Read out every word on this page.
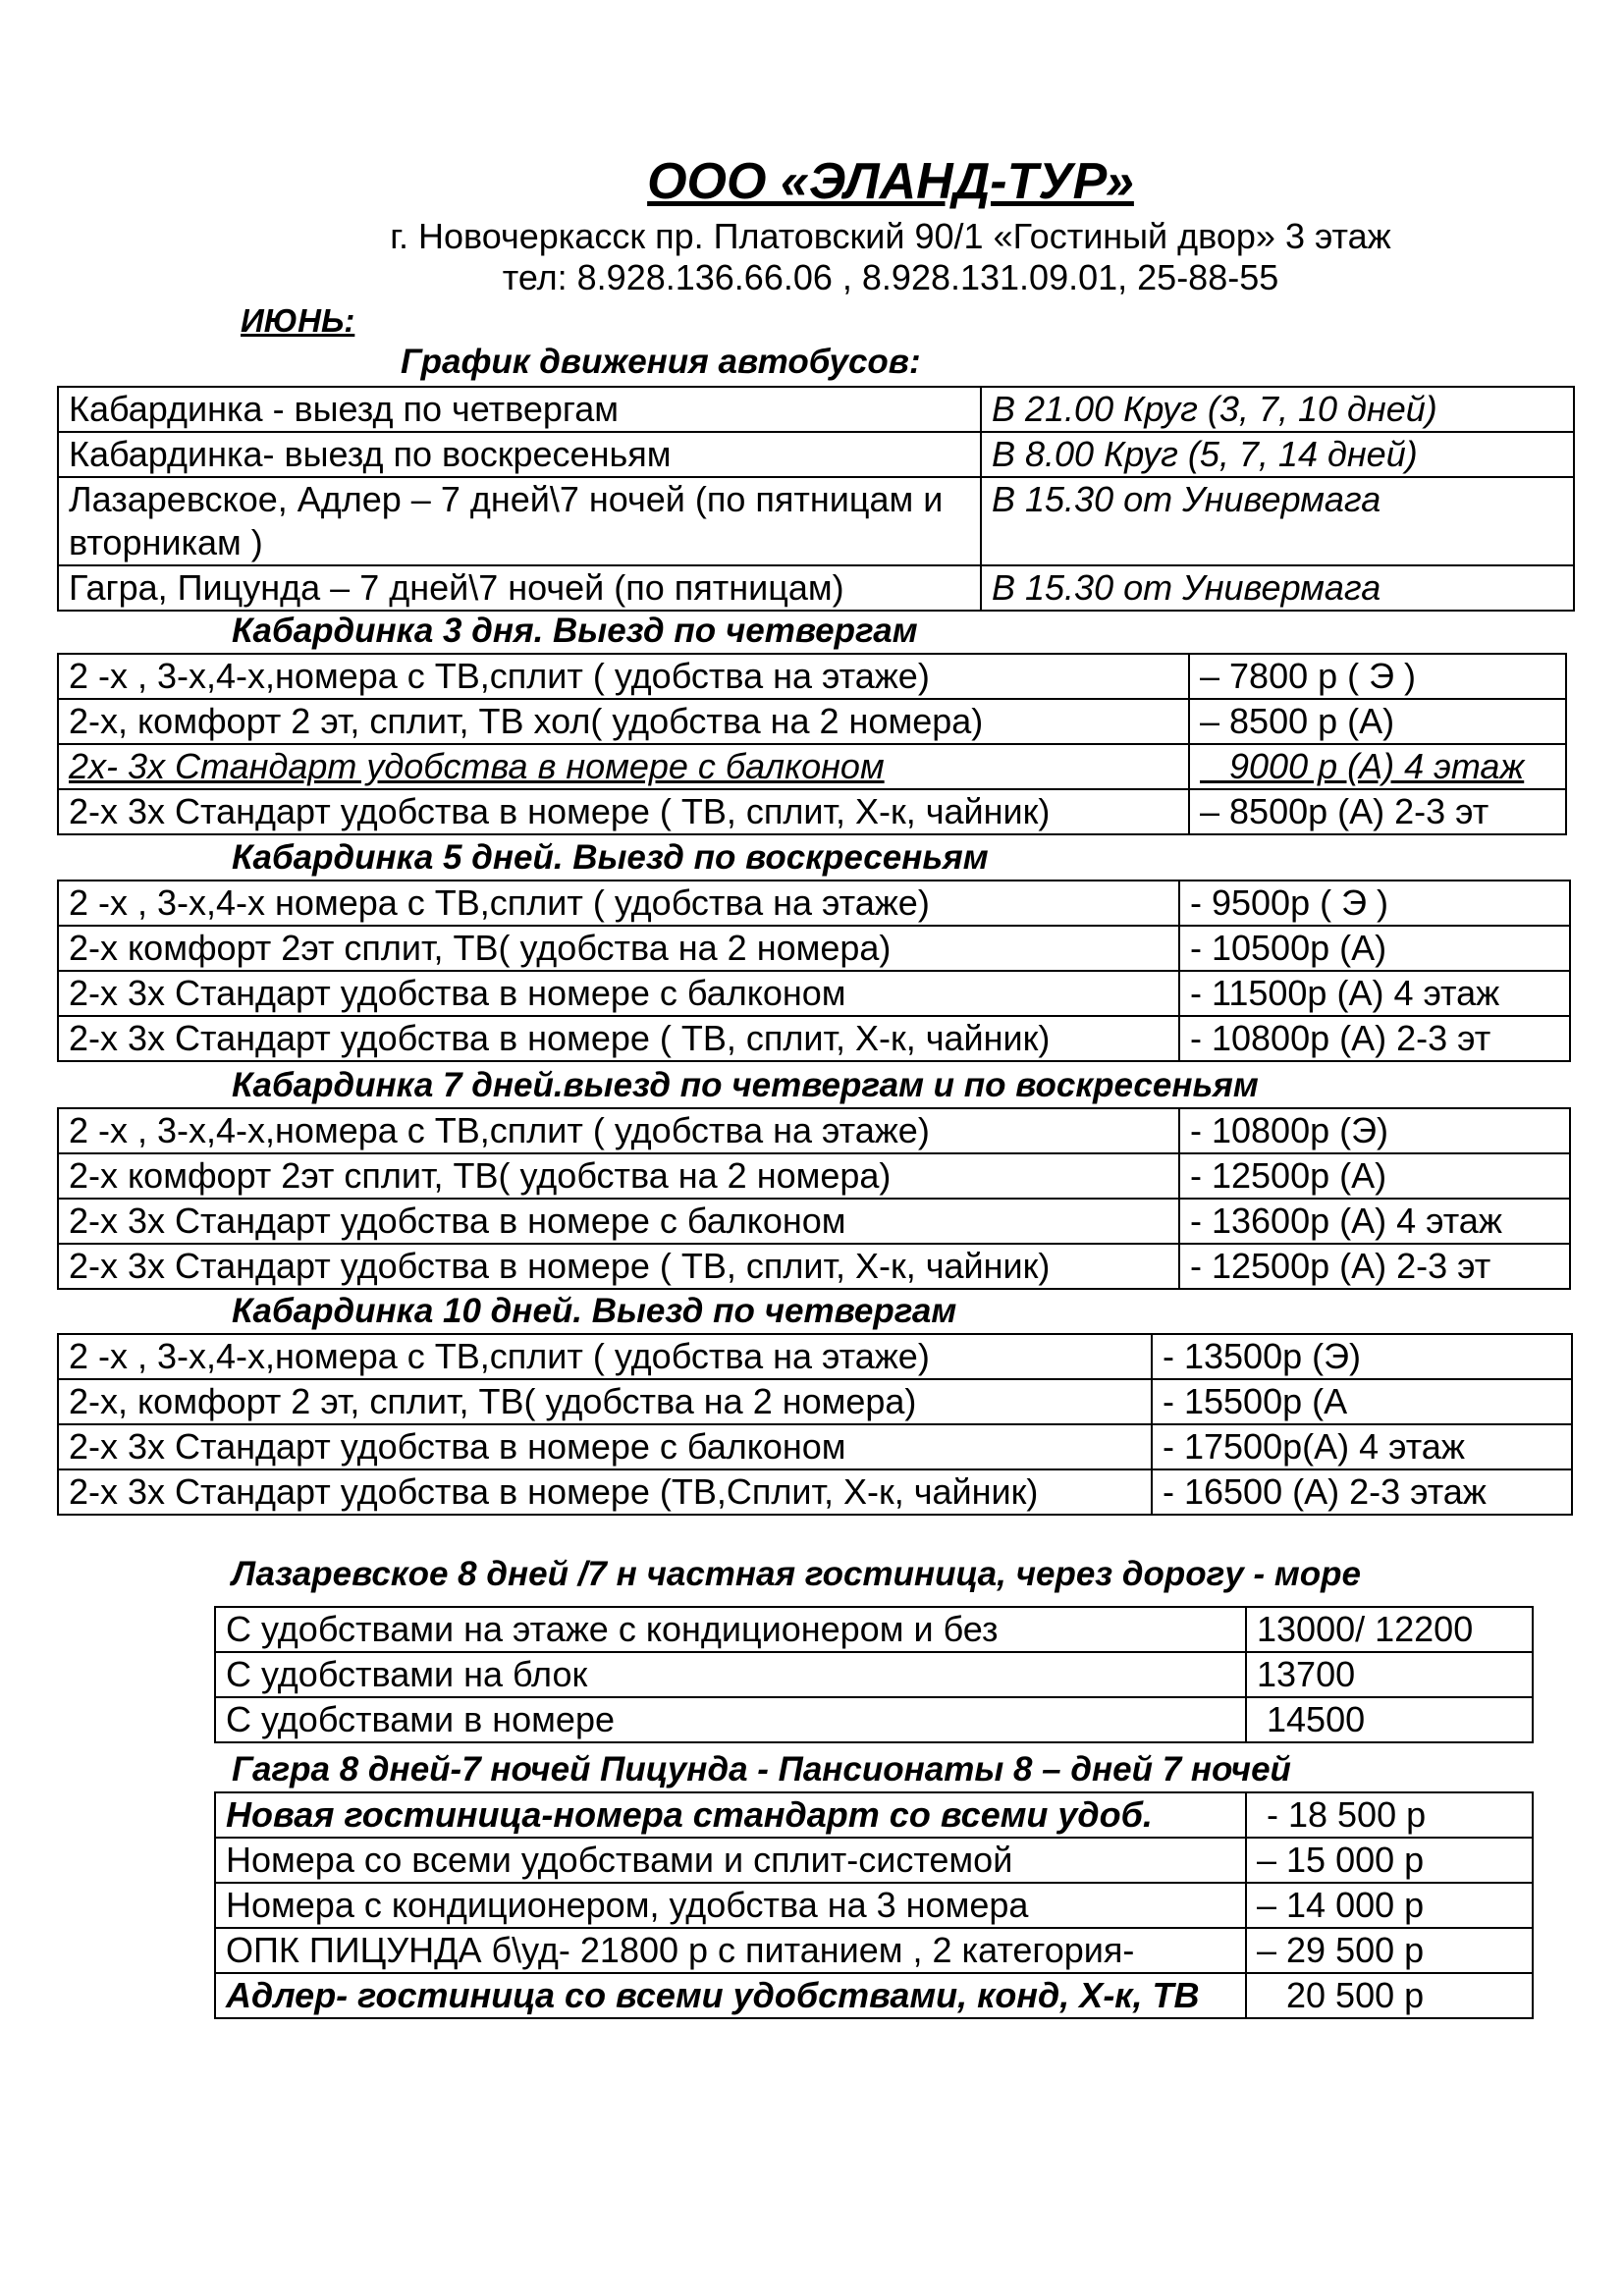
ООО «ЭЛАНД-ТУР»
г. Новочеркасск пр. Платовский 90/1 «Гостиный двор» 3 этаж
тел: 8.928.136.66.06 , 8.928.131.09.01, 25-88-55
ИЮНЬ:
График движения автобусов:
Кабардинка - выезд по четвергам	В 21.00 Круг (3, 7, 10 дней)
Кабардинка- выезд по воскресеньям	В 8.00 Круг (5, 7, 14 дней)
Лазаревское, Адлер – 7 дней\7 ночей (по пятницам и вторникам )	В 15.30 от Универмага
Гагра, Пицунда – 7 дней\7 ночей (по пятницам)	В 15.30 от Универмага
Кабардинка 3 дня. Выезд по четвергам
2 -х , 3-х,4-х,номера с ТВ,сплит ( удобства на этаже)	– 7800 р ( Э )
2-х, комфорт 2 эт, сплит, ТВ хол( удобства на 2 номера)	– 8500 р (А)
2х- 3х Стандарт удобства в номере с балконом	9000 р (А) 4 этаж
2-х 3х Стандарт удобства в номере ( ТВ, сплит, Х-к, чайник)	– 8500р (А) 2-3 эт
Кабардинка 5 дней. Выезд по воскресеньям
2 -х , 3-х,4-х номера с ТВ,сплит ( удобства на этаже)	- 9500р ( Э )
2-х комфорт 2эт сплит, ТВ( удобства на 2 номера)	- 10500р (А)
2-х 3х Стандарт удобства в номере с балконом	- 11500р (А) 4 этаж
2-х 3х Стандарт удобства в номере ( ТВ, сплит, Х-к, чайник)	- 10800р (А) 2-3 эт
Кабардинка 7 дней.выезд по четвергам и по воскресеньям
2 -х , 3-х,4-х,номера с ТВ,сплит ( удобства на этаже)	- 10800р (Э)
2-х комфорт 2эт сплит, ТВ( удобства на 2 номера)	- 12500р (А)
2-х 3х Стандарт удобства в номере с балконом	- 13600р (А) 4 этаж
2-х 3х Стандарт удобства в номере ( ТВ, сплит, Х-к, чайник)	- 12500р (А) 2-3 эт
Кабардинка 10 дней. Выезд по четвергам
2 -х , 3-х,4-х,номера с ТВ,сплит ( удобства на этаже)	- 13500р (Э)
2-х, комфорт 2 эт, сплит, ТВ( удобства на 2 номера)	- 15500р (А
2-х 3х Стандарт удобства в номере с балконом	- 17500р(А) 4 этаж
2-х 3х Стандарт удобства в номере (ТВ,Сплит, Х-к, чайник)	- 16500 (А) 2-3 этаж
Лазаревское 8 дней /7 н частная гостиница, через дорогу - море
С удобствами на этаже с кондиционером и без	13000/ 12200
С удобствами на блок	13700
С удобствами в номере	14500
Гагра 8 дней-7 ночей Пицунда - Пансионаты 8 – дней 7 ночей
Новая гостиница-номера стандарт со всеми удоб.	- 18 500 р
Номера со всеми удобствами и сплит-системой	– 15 000 р
Номера с кондиционером, удобства на 3 номера	– 14 000 р
ОПК ПИЦУНДА б\уд- 21800 р с питанием , 2 категория-	– 29 500 р
Адлер- гостиница со всеми удобствами, конд, Х-к, ТВ	20 500 р
